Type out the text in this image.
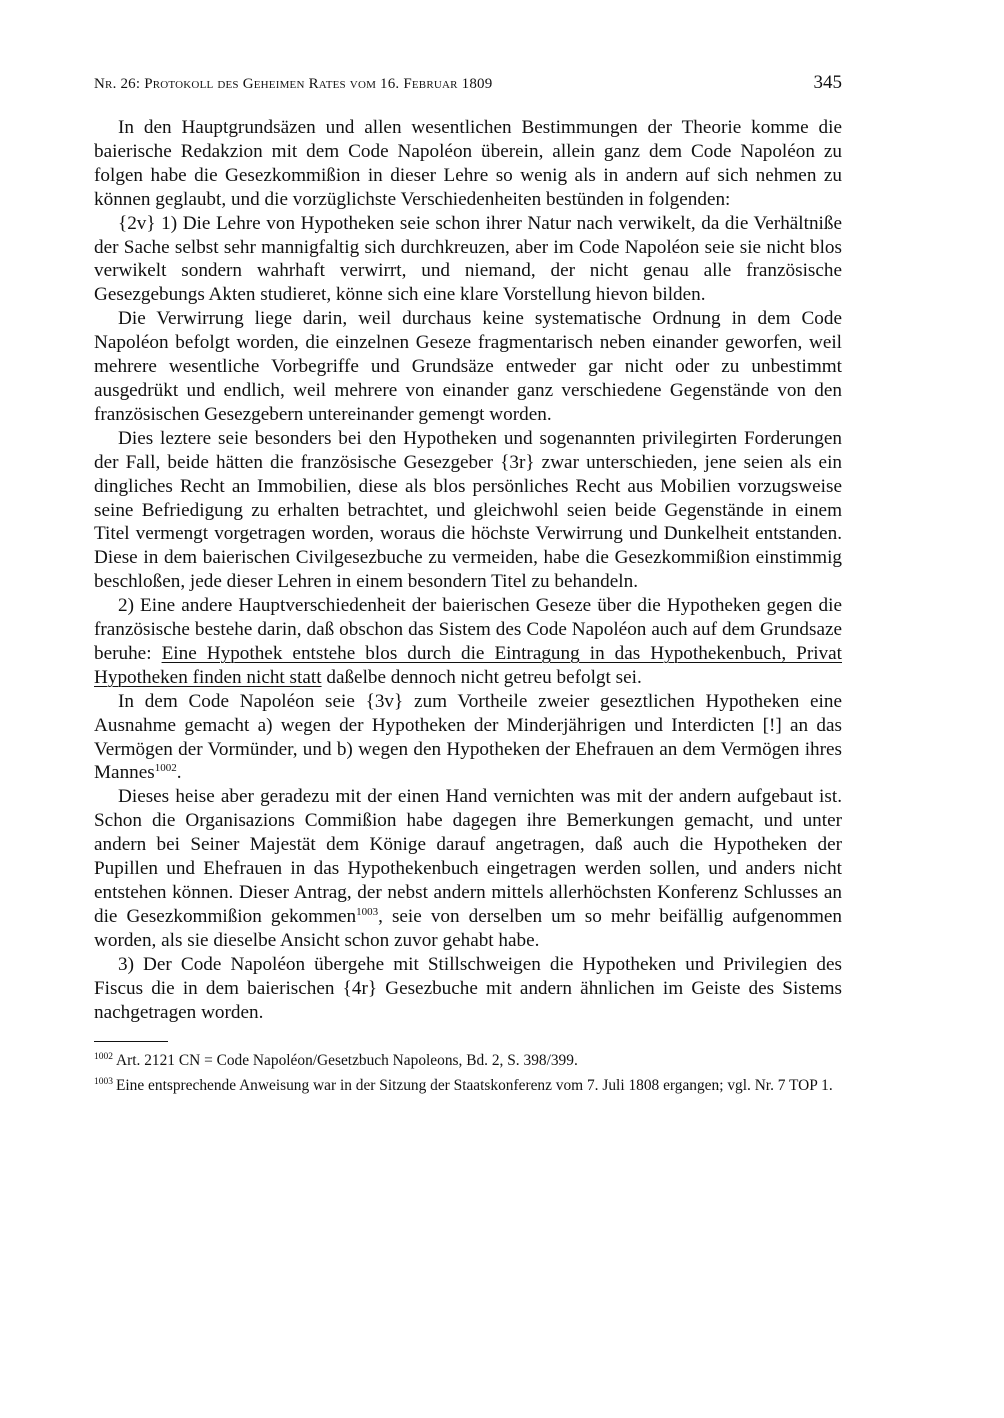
Nr. 26: Protokoll des Geheimen Rates vom 16. Februar 1809	345

In den Hauptgrundsäzen und allen wesentlichen Bestimmungen der Theorie komme die baierische Redakzion mit dem Code Napoléon überein, allein ganz dem Code Napoléon zu folgen habe die Gesezkommißion in dieser Lehre so wenig als in andern auf sich nehmen zu können geglaubt, und die vorzüglichste Verschiedenheiten bestünden in folgenden:

{2v} 1) Die Lehre von Hypotheken seie schon ihrer Natur nach verwikelt, da die Verhältniße der Sache selbst sehr mannigfaltig sich durchkreuzen, aber im Code Napoléon seie sie nicht blos verwikelt sondern wahrhaft verwirrt, und niemand, der nicht genau alle französische Gesezgebungs Akten studieret, könne sich eine klare Vorstellung hievon bilden.

Die Verwirrung liege darin, weil durchaus keine systematische Ordnung in dem Code Napoléon befolgt worden, die einzelnen Geseze fragmentarisch neben einander geworfen, weil mehrere wesentliche Vorbegriffe und Grundsäze entweder gar nicht oder zu unbestimmt ausgedrükt und endlich, weil mehrere von einander ganz verschiedene Gegenstände von den französischen Gesezgebern untereinander gemengt worden.

Dies leztere seie besonders bei den Hypotheken und sogenannten privilegirten Forderungen der Fall, beide hätten die französische Gesezgeber {3r} zwar unterschieden, jene seien als ein dingliches Recht an Immobilien, diese als blos persönliches Recht aus Mobilien vorzugsweise seine Befriedigung zu erhalten betrachtet, und gleichwohl seien beide Gegenstände in einem Titel vermengt vorgetragen worden, woraus die höchste Verwirrung und Dunkelheit entstanden. Diese in dem baierischen Civilgesezbuche zu vermeiden, habe die Gesezkommißion einstimmig beschloßen, jede dieser Lehren in einem besondern Titel zu behandeln.

2) Eine andere Hauptverschiedenheit der baierischen Geseze über die Hypotheken gegen die französische bestehe darin, daß obschon das Sistem des Code Napoléon auch auf dem Grundsaze beruhe: Eine Hypothek entstehe blos durch die Eintragung in das Hypothekenbuch, Privat Hypotheken finden nicht statt daßelbe dennoch nicht getreu befolgt sei.

In dem Code Napoléon seie {3v} zum Vortheile zweier geseztlichen Hypotheken eine Ausnahme gemacht a) wegen der Hypotheken der Minderjährigen und Interdicten [!] an das Vermögen der Vormünder, und b) wegen den Hypotheken der Ehefrauen an dem Vermögen ihres Mannes$^{1002}$.

Dieses heise aber geradezu mit der einen Hand vernichten was mit der andern aufgebaut ist. Schon die Organisazions Commißion habe dagegen ihre Bemerkungen gemacht, und unter andern bei Seiner Majestät dem Könige darauf angetragen, daß auch die Hypotheken der Pupillen und Ehefrauen in das Hypothekenbuch eingetragen werden sollen, und anders nicht entstehen können. Dieser Antrag, der nebst andern mittels allerhöchsten Konferenz Schlusses an die Gesezkommißion gekommen$^{1003}$, seie von derselben um so mehr beifällig aufgenommen worden, als sie dieselbe Ansicht schon zuvor gehabt habe.

3) Der Code Napoléon übergehe mit Stillschweigen die Hypotheken und Privilegien des Fiscus die in dem baierischen {4r} Gesezbuche mit andern ähnlichen im Geiste des Sistems nachgetragen worden.

$^{1002}$ Art. 2121 CN = Code Napoléon/Gesetzbuch Napoleons, Bd. 2, S. 398/399.

$^{1003}$ Eine entsprechende Anweisung war in der Sitzung der Staatskonferenz vom 7. Juli 1808 ergangen; vgl. Nr. 7 TOP 1.
